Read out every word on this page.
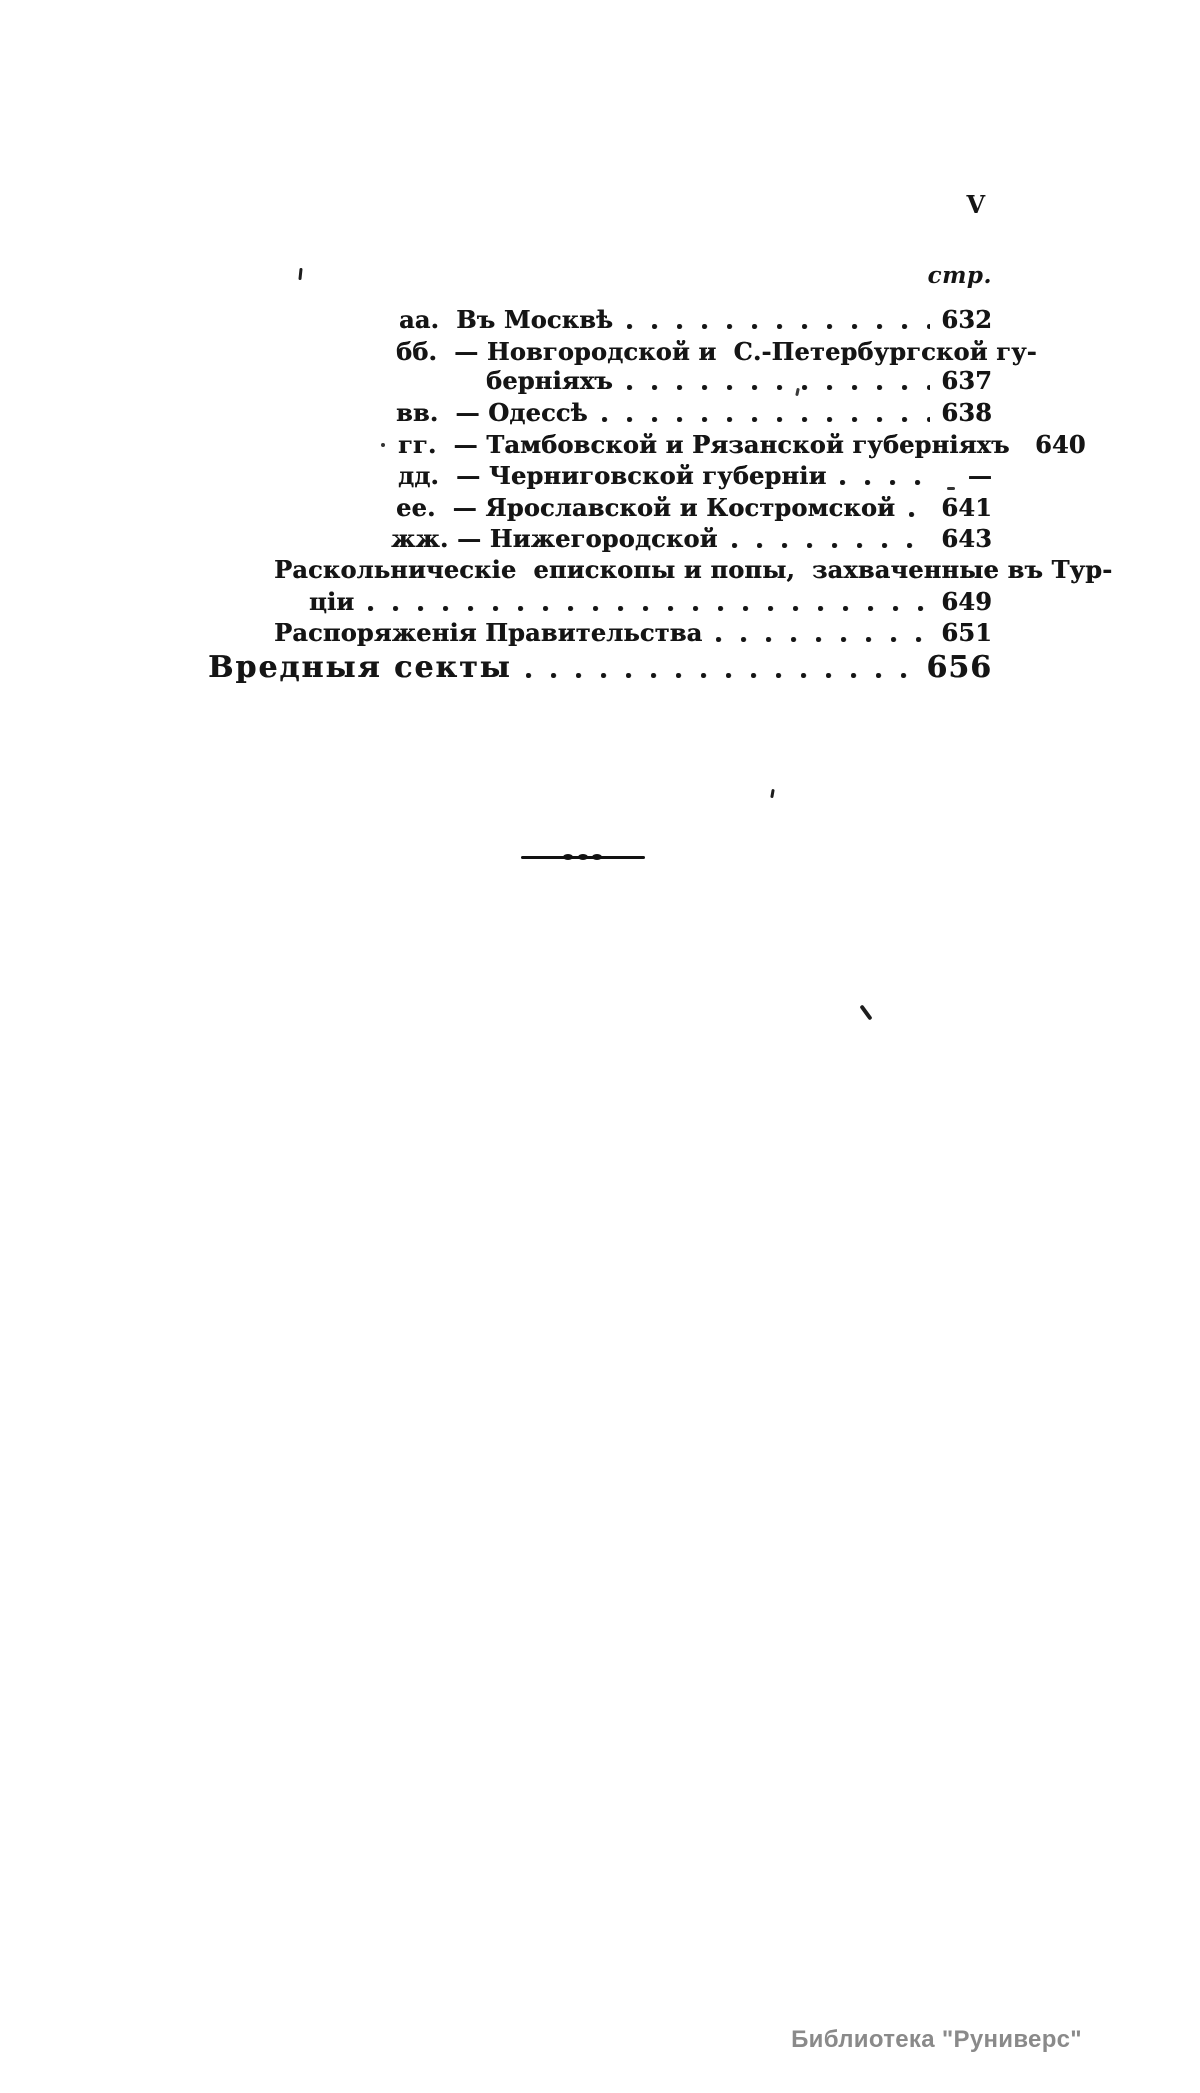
V
стр.
аа.  Въ Москвѣ	632
бб.  — Новгородской и  С.-Петербургской гу-
берніяхъ	637
вв.  — Одессѣ	638
гг.  — Тамбовской и Рязанской губерніяхъ 640
дд.  — Черниговской губерніи	—
ее.  — Ярославской и Костромской 641
жж. — Нижегородской	643
Раскольническіе  епископы и попы,  захваченные въ Тур-
ціи	649
Распоряженія Правительства	651
Вредныя секты	656
Библиотека "Руниверс"
